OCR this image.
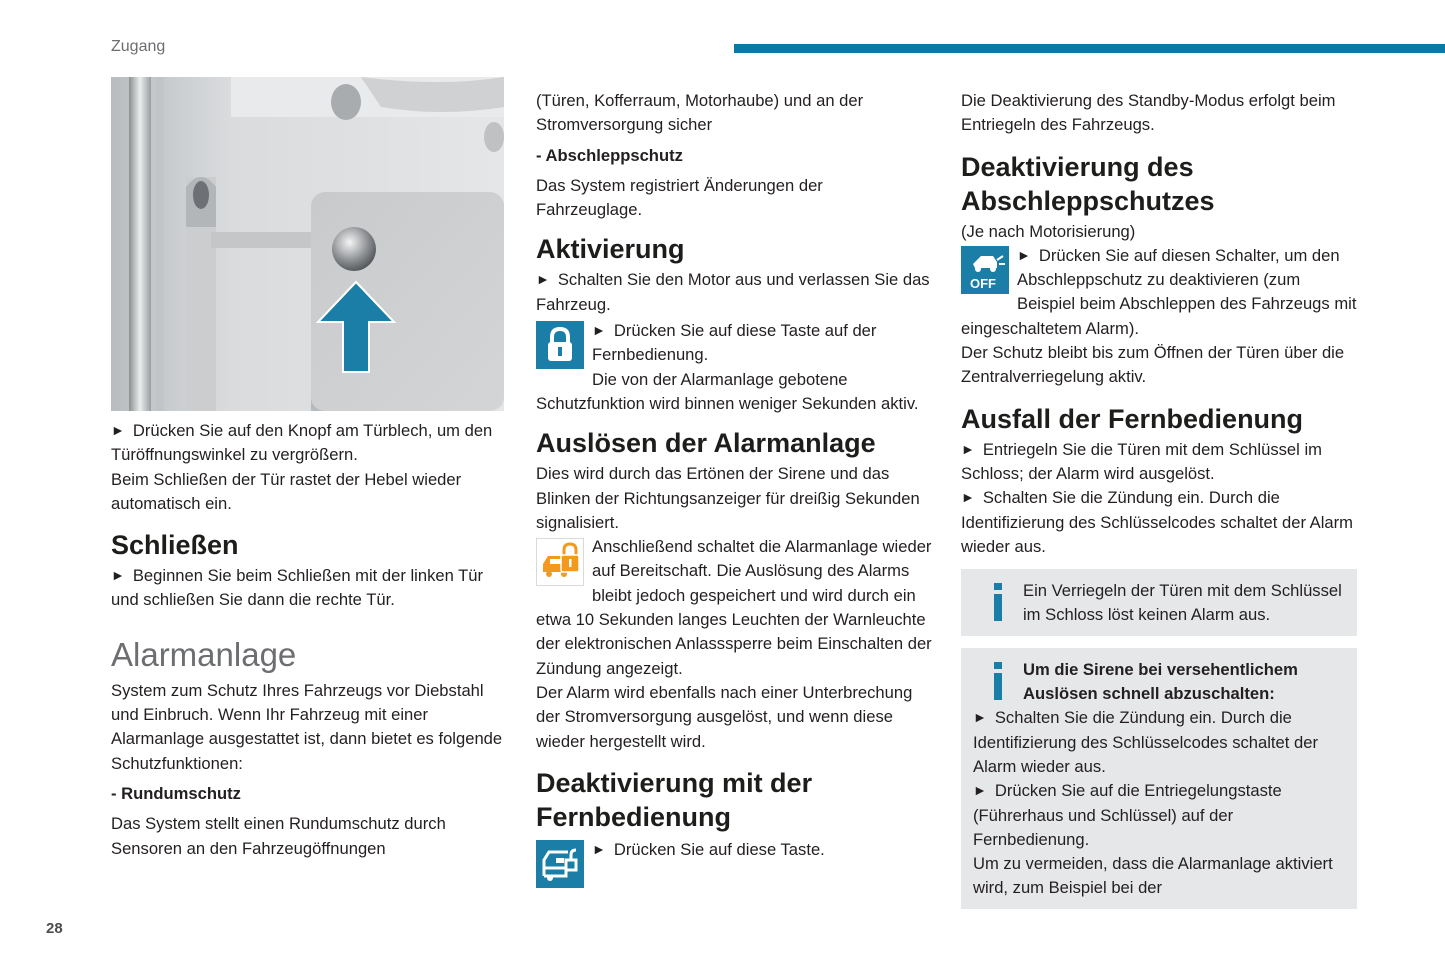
Zugang
28
► Drücken Sie auf den Knopf am Türblech, um den Türöffnungswinkel zu vergrößern.

Beim Schließen der Tür rastet der Hebel wieder automatisch ein.

Schließen
► Beginnen Sie beim Schließen mit der linken Tür und schließen Sie dann die rechte Tür.
Alarmanlage

System zum Schutz Ihres Fahrzeugs vor Diebstahl und Einbruch. Wenn Ihr Fahrzeug mit einer Alarmanlage ausgestattet ist, dann bietet es folgende Schutzfunktionen:

- Rundumschutz

Das System stellt einen Rundumschutz durch Sensoren an den Fahrzeugöffnungen

(Türen, Kofferraum, Motorhaube) und an der Stromversorgung sicher

- Abschleppschutz

Das System registriert Änderungen der Fahrzeuglage.

Aktivierung
► Schalten Sie den Motor aus und verlassen Sie das Fahrzeug.
► Drücken Sie auf diese Taste auf der Fernbedienung.

Die von der Alarmanlage gebotene Schutzfunktion wird binnen weniger Sekunden aktiv.

Auslösen der Alarmanlage

Dies wird durch das Ertönen der Sirene und das Blinken der Richtungsanzeiger für dreißig Sekunden signalisiert.

Anschließend schaltet die Alarmanlage wieder auf Bereitschaft. Die Auslösung des Alarms bleibt jedoch gespeichert und wird durch ein etwa 10 Sekunden langes Leuchten der Warnleuchte der elektronischen Anlasssperre beim Einschalten der Zündung angezeigt.

Der Alarm wird ebenfalls nach einer Unterbrechung der Stromversorgung ausgelöst, und wenn diese wieder hergestellt wird.

Deaktivierung mit der Fernbedienung
► Drücken Sie auf diese Taste.

Die Deaktivierung des Standby-Modus erfolgt beim Entriegeln des Fahrzeugs.

Deaktivierung des Abschleppschutzes

(Je nach Motorisierung)

OFF
► Drücken Sie auf diesen Schalter, um den Abschleppschutz zu deaktivieren (zum Beispiel beim Abschleppen des Fahrzeugs mit eingeschaltetem Alarm).

Der Schutz bleibt bis zum Öffnen der Türen über die Zentralverriegelung aktiv.

Ausfall der Fernbedienung
► Entriegeln Sie die Türen mit dem Schlüssel im Schloss; der Alarm wird ausgelöst.
► Schalten Sie die Zündung ein. Durch die Identifizierung des Schlüsselcodes schaltet der Alarm wieder aus.

Ein Verriegeln der Türen mit dem Schlüssel im Schloss löst keinen Alarm aus.

Um die Sirene bei versehentlichem Auslösen schnell abzuschalten:

► Schalten Sie die Zündung ein. Durch die Identifizierung des Schlüsselcodes schaltet der Alarm wieder aus.
► Drücken Sie auf die Entriegelungstaste (Führerhaus und Schlüssel) auf der Fernbedienung.

Um zu vermeiden, dass die Alarmanlage aktiviert wird, zum Beispiel bei der
